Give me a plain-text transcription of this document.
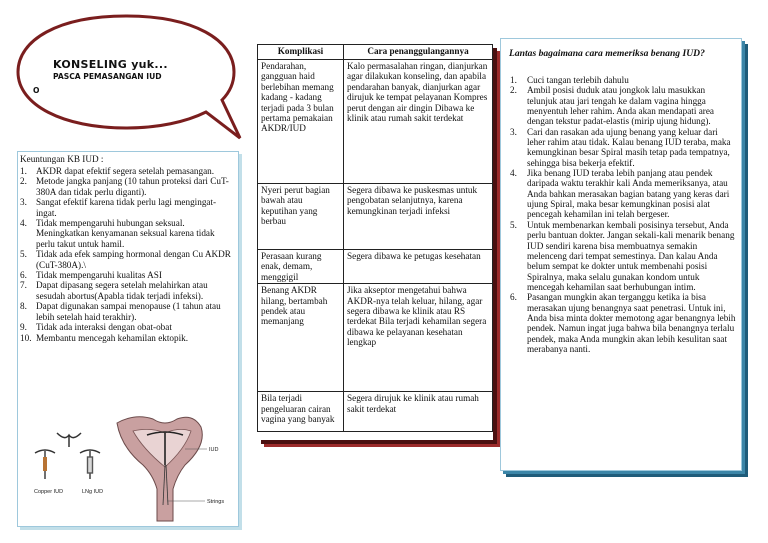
KONSELING yuk...
PASCA PEMASANGAN IUD
O
Keuntungan KB IUD :
1. AKDR dapat efektif segera setelah pemasangan.
2. Metode jangka panjang (10 tahun proteksi dari CuT-380A dan tidak perlu diganti).
3. Sangat efektif karena tidak perlu lagi mengingat-ingat.
4. Tidak mempengaruhi hubungan seksual. Meningkatkan kenyamanan seksual karena tidak perlu takut untuk hamil.
5. Tidak ada efek samping hormonal dengan Cu AKDR (CuT-380A).\
6. Tidak mempengaruhi kualitas ASI
7. Dapat dipasang segera setelah melahirkan atau sesudah abortus(Apabla tidak terjadi infeksi).
8. Dapat digunakan sampai menopause (1 tahun atau lebih setelah haid terakhir).
9. Tidak ada interaksi dengan obat-obat
10. Membantu mencegah kehamilan ektopik.
Copper IUD	LNg IUD
IUD
Strings
Komplikasi	Cara penanggulangannya
Pendarahan, gangguan haid berlebihan memang kadang - kadang terjadi pada 3 bulan pertama pemakaian AKDR/IUD	Kalo permasalahan ringan, dianjurkan agar dilakukan konseling, dan apabila pendarahan banyak, dianjurkan agar dirujuk ke tempat pelayanan Kompres perut dengan air dingin Dibawa ke klinik atau rumah sakit terdekat
Nyeri perut bagian bawah atau keputihan yang berbau	Segera dibawa ke puskesmas untuk pengobatan selanjutnya, karena kemungkinan terjadi infeksi
Perasaan kurang enak, demam, menggigil	Segera dibawa ke petugas kesehatan
Benang AKDR hilang, bertambah pendek atau memanjang	Jika akseptor mengetahui bahwa AKDR-nya telah keluar, hilang, agar segera dibawa ke klinik atau RS terdekat Bila terjadi kehamilan segera dibawa ke pelayanan kesehatan lengkap
Bila terjadi pengeluaran cairan vagina yang banyak	Segera dirujuk ke klinik atau rumah sakit terdekat
Lantas bagaimana cara memeriksa benang IUD?
1.	Cuci tangan terlebih dahulu
2.	Ambil posisi duduk atau jongkok lalu masukkan telunjuk atau jari tengah ke dalam vagina hingga menyentuh leher rahim. Anda akan mendapati area dengan tekstur padat-elastis (mirip ujung hidung).
3.	Cari dan rasakan ada ujung benang yang keluar dari leher rahim atau tidak. Kalau benang IUD teraba, maka kemungkinan besar Spiral masih tetap pada tempatnya, sehingga bisa bekerja efektif.
4.	Jika benang IUD teraba lebih panjang atau pendek daripada waktu terakhir kali Anda memeriksanya, atau Anda bahkan merasakan bagian batang yang keras dari ujung Spiral, maka besar kemungkinan posisi alat pencegah kehamilan ini telah bergeser.
5.	Untuk membenarkan kembali posisinya tersebut, Anda perlu bantuan dokter. Jangan sekali-kali menarik benang IUD sendiri karena bisa membuatnya semakin melenceng dari tempat semestinya. Dan kalau Anda belum sempat ke dokter untuk membenahi posisi Spiralnya, maka selalu gunakan kondom untuk mencegah kehamilan saat berhubungan intim.
6.	Pasangan mungkin akan terganggu ketika ia bisa merasakan ujung benangnya saat penetrasi. Untuk ini, Anda bisa minta dokter memotong agar benangnya lebih pendek. Namun ingat juga bahwa bila benangnya terlalu pendek, maka Anda mungkin akan lebih kesulitan saat merabanya nanti.
